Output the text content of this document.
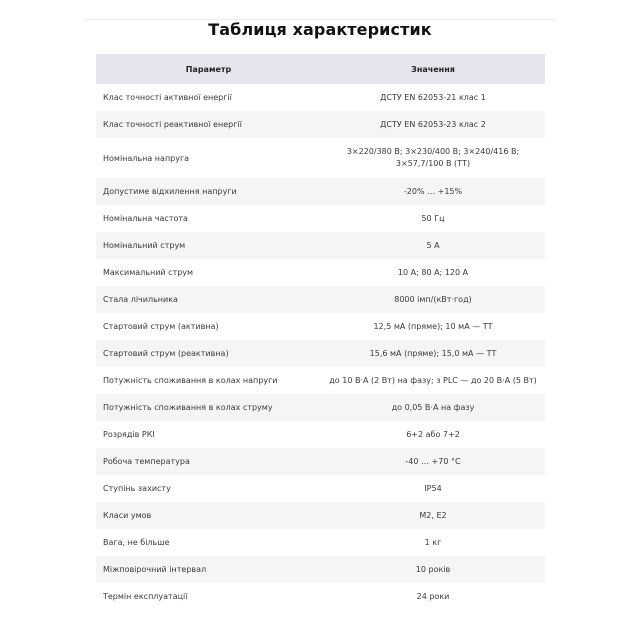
Таблиця характеристик
Параметр	Значення
Клас точності активної енергії	ДСТУ EN 62053-21 клас 1
Клас точності реактивної енергії	ДСТУ EN 62053-23 клас 2
Номінальна напруга	3×220/380 В; 3×230/400 В; 3×240/416 В; 3×57,7/100 В (ТТ)
Допустиме відхилення напруги	-20% … +15%
Номінальна частота	50 Гц
Номінальний струм	5 А
Максимальний струм	10 А; 80 А; 120 А
Стала лічильника	8000 імп/(кВт·год)
Стартовий струм (активна)	12,5 мА (пряме); 10 мА — ТТ
Стартовий струм (реактивна)	15,6 мА (пряме); 15,0 мА — ТТ
Потужність споживання в колах напруги	до 10 В·А (2 Вт) на фазу; з PLC — до 20 В·А (5 Вт)
Потужність споживання в колах струму	до 0,05 В·А на фазу
Розрядів РКІ	6+2 або 7+2
Робоча температура	-40 … +70 °С
Ступінь захисту	IP54
Класи умов	М2, Е2
Вага, не більше	1 кг
Міжповірочний інтервал	10 років
Термін експлуатації	24 роки
